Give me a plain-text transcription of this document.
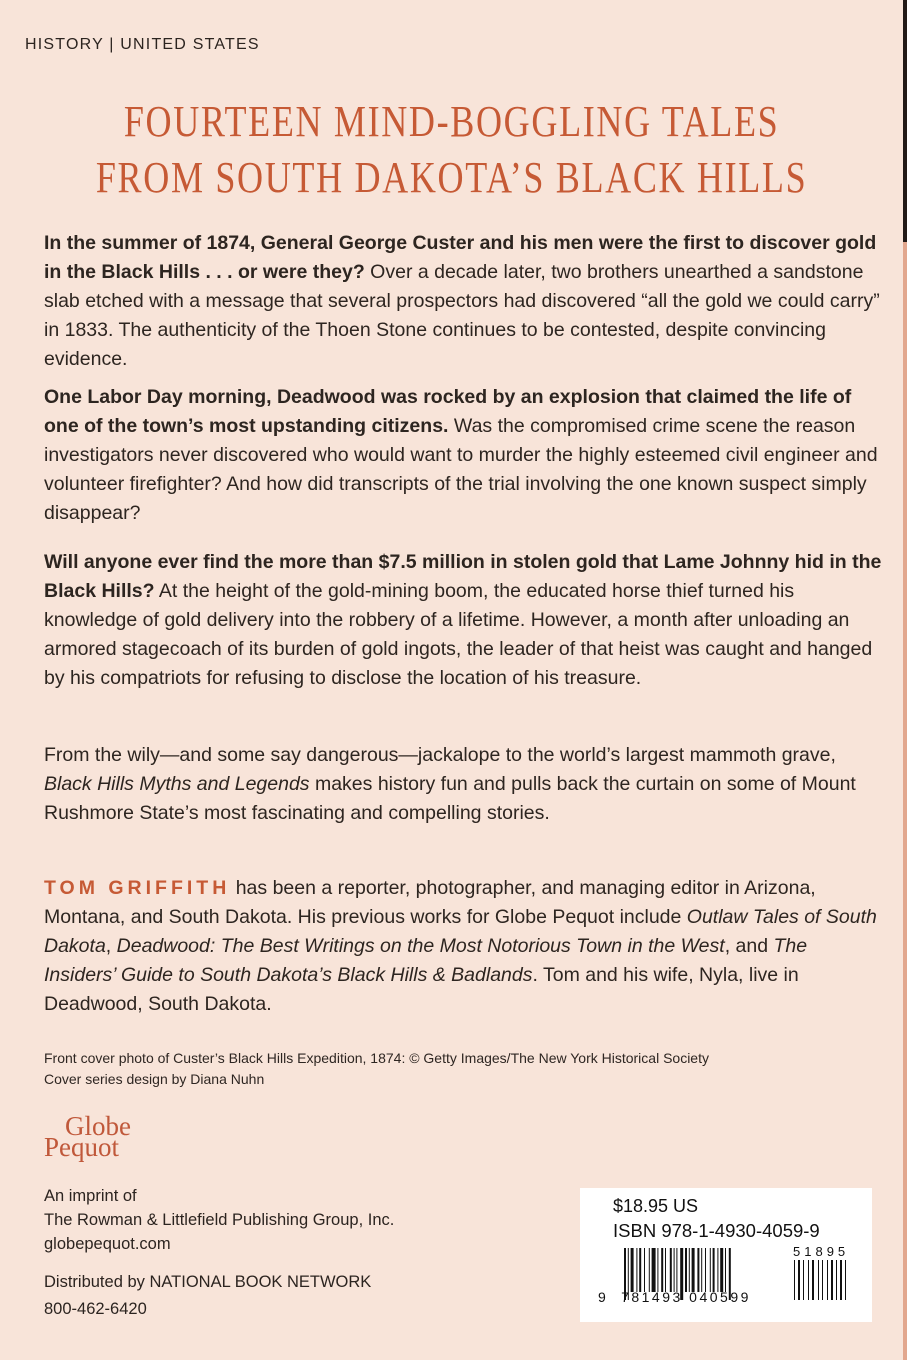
HISTORY | UNITED STATES
FOURTEEN MIND-BOGGLING TALES
FROM SOUTH DAKOTA’S BLACK HILLS
In the summer of 1874, General George Custer and his men were the first to discover gold in the Black Hills . . . or were they? Over a decade later, two brothers unearthed a sandstone slab etched with a message that several prospectors had discovered “all the gold we could carry” in 1833. The authenticity of the Thoen Stone continues to be contested, despite convincing evidence.
One Labor Day morning, Deadwood was rocked by an explosion that claimed the life of one of the town’s most upstanding citizens. Was the compromised crime scene the reason investigators never discovered who would want to murder the highly esteemed civil engineer and volunteer firefighter? And how did transcripts of the trial involving the one known suspect simply disappear?
Will anyone ever find the more than $7.5 million in stolen gold that Lame Johnny hid in the Black Hills? At the height of the gold-mining boom, the educated horse thief turned his knowledge of gold delivery into the robbery of a lifetime. However, a month after unloading an armored stagecoach of its burden of gold ingots, the leader of that heist was caught and hanged by his compatriots for refusing to disclose the location of his treasure.
From the wily—and some say dangerous—jackalope to the world’s largest mammoth grave, Black Hills Myths and Legends makes history fun and pulls back the curtain on some of Mount Rushmore State’s most fascinating and compelling stories.
TOM GRIFFITH has been a reporter, photographer, and managing editor in Arizona, Montana, and South Dakota. His previous works for Globe Pequot include Outlaw Tales of South Dakota, Deadwood: The Best Writings on the Most Notorious Town in the West, and The Insiders’ Guide to South Dakota’s Black Hills & Badlands. Tom and his wife, Nyla, live in Deadwood, South Dakota.
Front cover photo of Custer’s Black Hills Expedition, 1874: © Getty Images/The New York Historical Society
Cover series design by Diana Nuhn
Globe
Pequot
An imprint of
The Rowman & Littlefield Publishing Group, Inc.
globepequot.com
Distributed by NATIONAL BOOK NETWORK
800-462-6420
$18.95 US
ISBN 978-1-4930-4059-9
51895
9 781493 040599
